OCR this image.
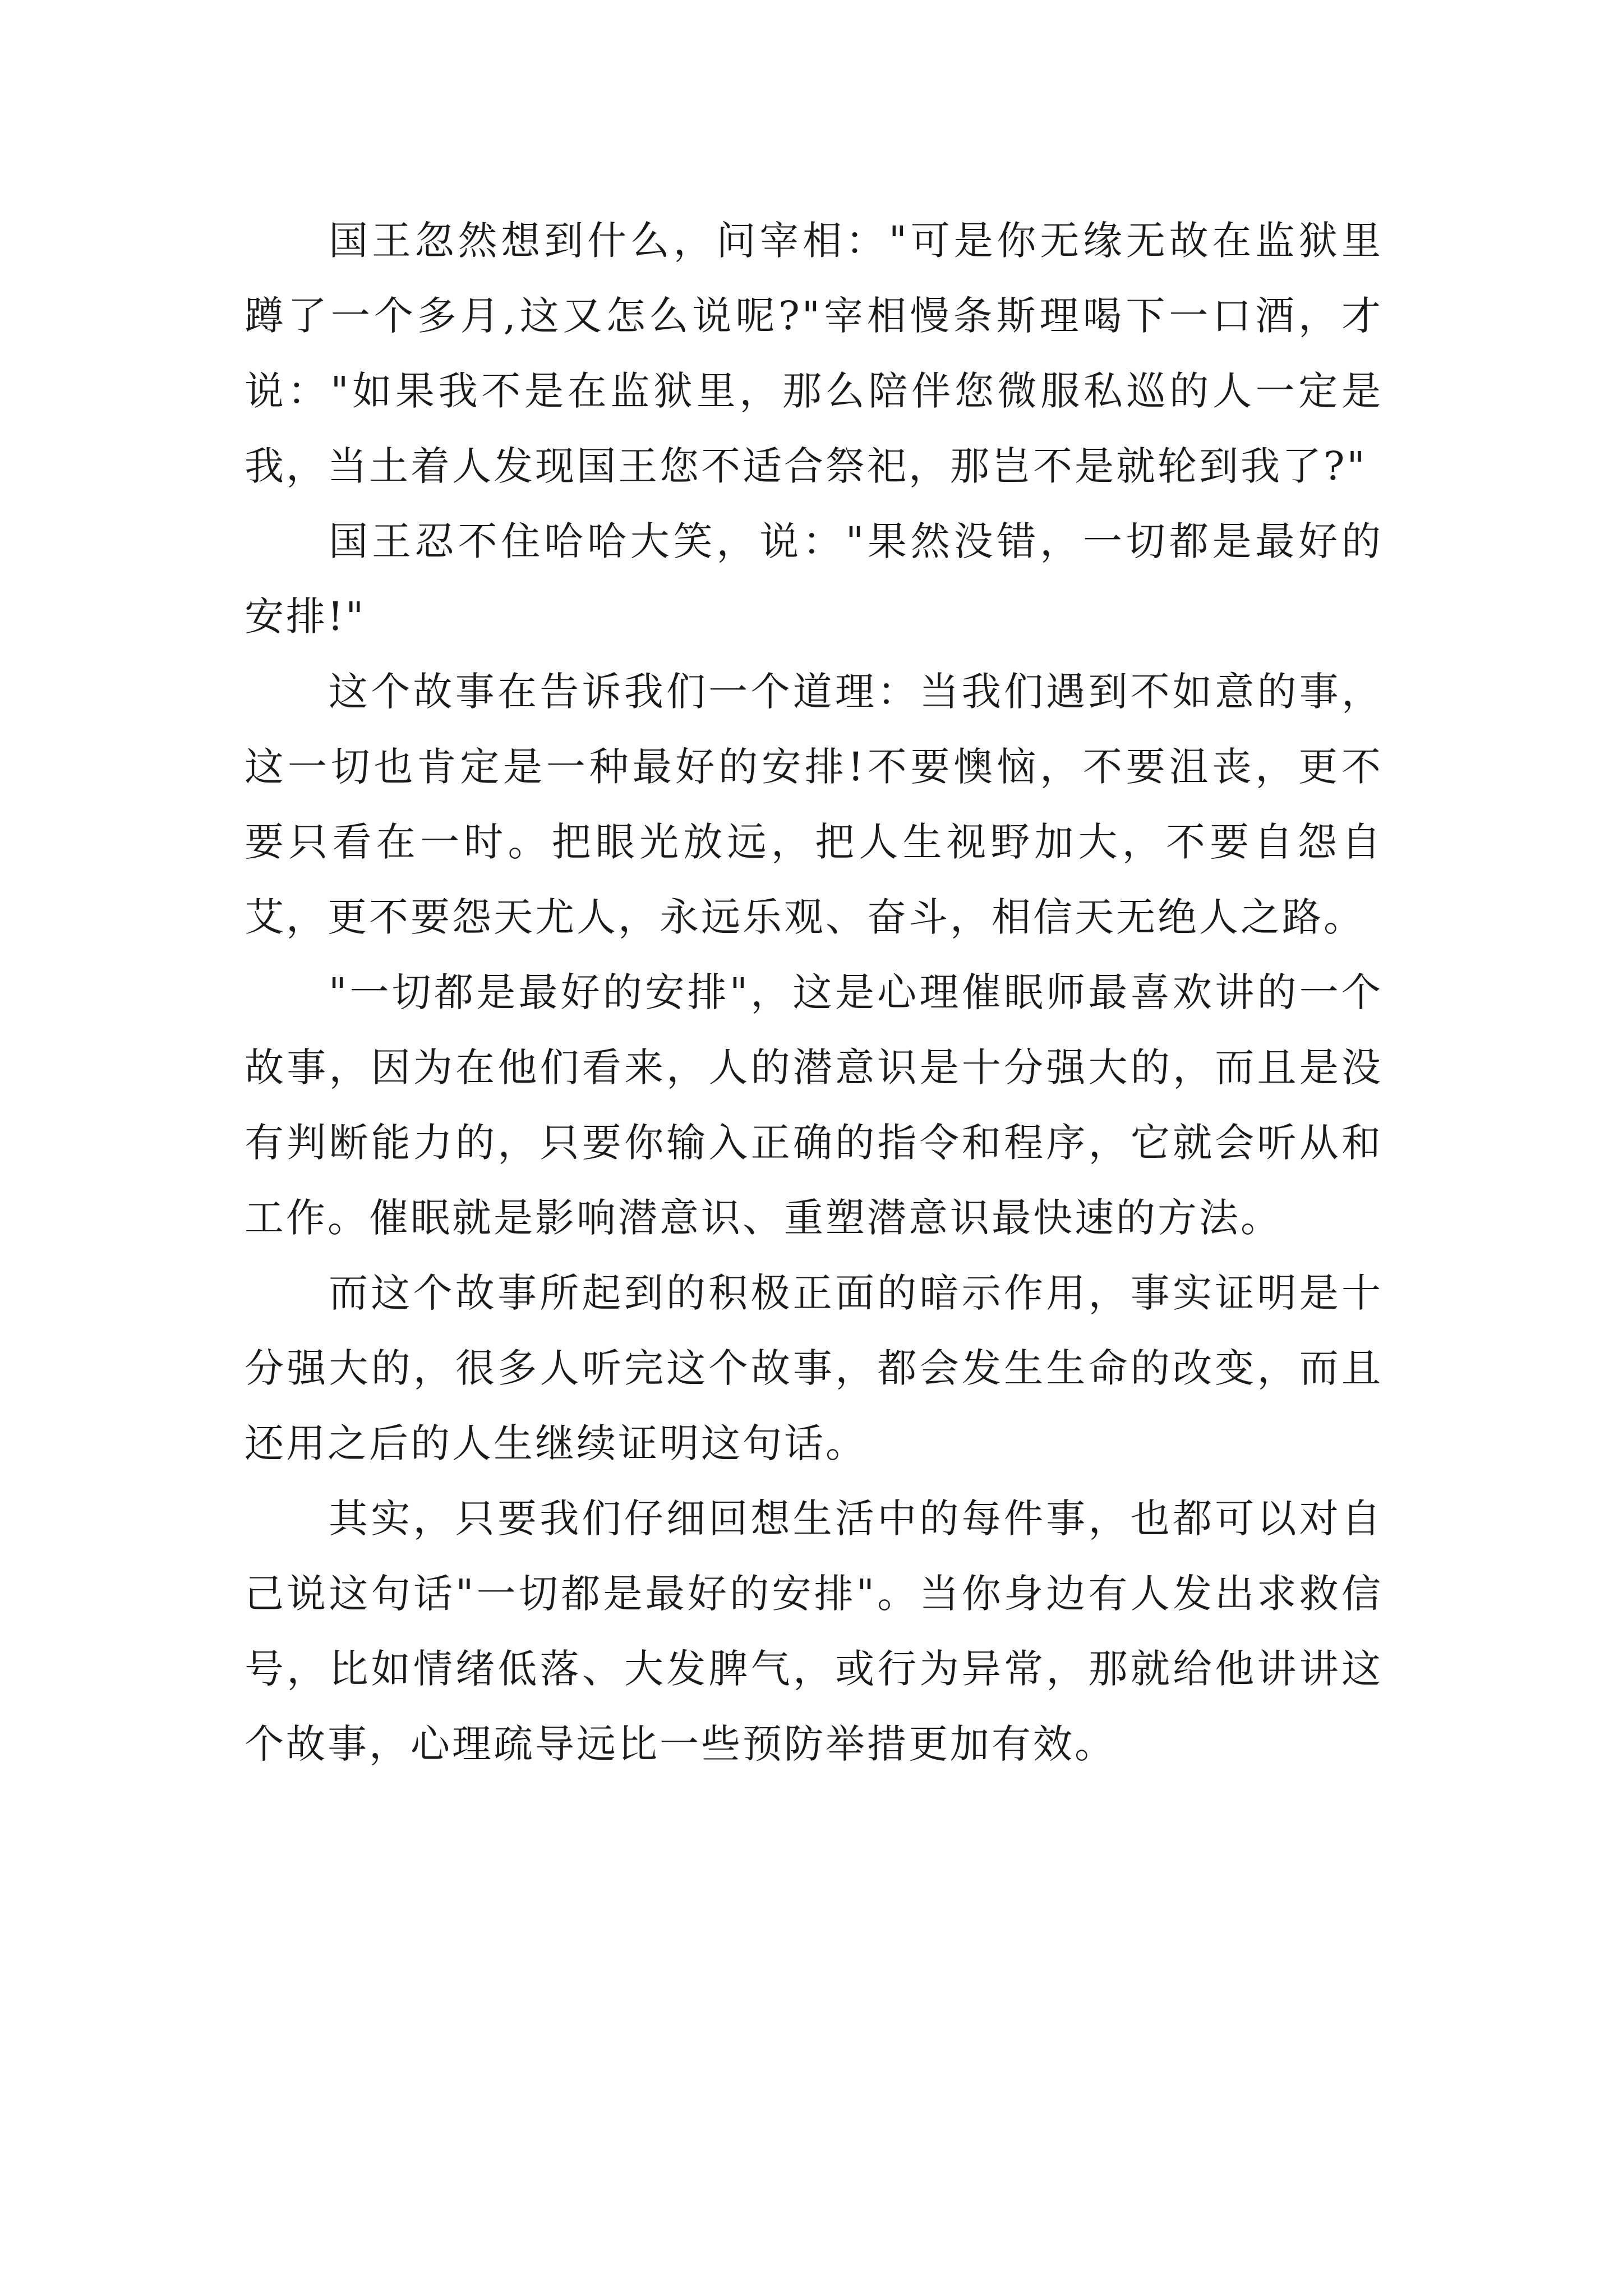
国王忽然想到什么，问宰相："可是你无缘无故在监狱里蹲了一个多月,这又怎么说呢?"宰相慢条斯理喝下一口酒，才说："如果我不是在监狱里，那么陪伴您微服私巡的人一定是我，当土着人发现国王您不适合祭祀，那岂不是就轮到我了?"

国王忍不住哈哈大笑，说："果然没错，一切都是最好的安排!"

这个故事在告诉我们一个道理：当我们遇到不如意的事，这一切也肯定是一种最好的安排!不要懊恼，不要沮丧，更不要只看在一时。把眼光放远，把人生视野加大，不要自怨自艾，更不要怨天尤人，永远乐观、奋斗，相信天无绝人之路。

"一切都是最好的安排"，这是心理催眠师最喜欢讲的一个故事，因为在他们看来，人的潜意识是十分强大的，而且是没有判断能力的，只要你输入正确的指令和程序，它就会听从和工作。催眠就是影响潜意识、重塑潜意识最快速的方法。

而这个故事所起到的积极正面的暗示作用，事实证明是十分强大的，很多人听完这个故事，都会发生生命的改变，而且还用之后的人生继续证明这句话。

其实，只要我们仔细回想生活中的每件事，也都可以对自己说这句话"一切都是最好的安排"。当你身边有人发出求救信号，比如情绪低落、大发脾气，或行为异常，那就给他讲讲这个故事，心理疏导远比一些预防举措更加有效。
